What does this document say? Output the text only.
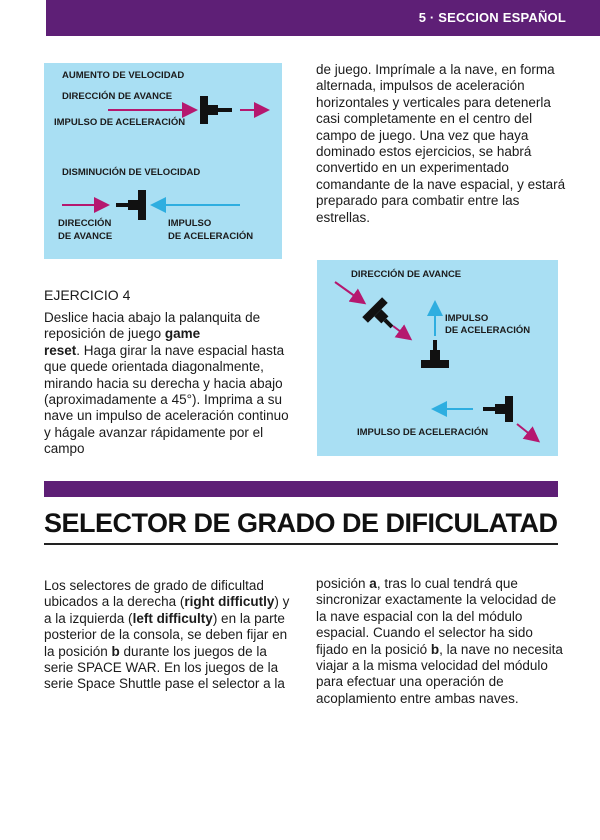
5 · SECCION ESPAÑOL
AUMENTO DE VELOCIDAD
DIRECCIÓN DE AVANCE
IMPULSO DE ACELERACIÓN
DISMINUCIÓN DE VELOCIDAD
DIRECCIÓN
DE AVANCE
IMPULSO
DE ACELERACIÓN
de juego. Imprímale a la nave, en forma alternada, impulsos de aceleración horizontales y verticales para detenerla casi completamente en el centro del campo de juego. Una vez que haya dominado estos ejercicios, se habrá convertido en un experimentado comandante de la nave espacial, y estará preparado para combatir entre las estrellas.
EJERCICIO 4
Deslice hacia abajo la palanquita de reposición de juego game
reset. Haga girar la nave espacial hasta que quede orientada diagonalmente, mirando hacia su derecha y hacia abajo (aproximadamente a 45°). Imprima a su nave un impulso de aceleración continuo y hágale avanzar rápidamente por el campo
DIRECCIÓN DE AVANCE
IMPULSO
DE ACELERACIÓN
IMPULSO DE ACELERACIÓN
SELECTOR DE GRADO DE DIFICULATAD
Los selectores de grado de dificultad ubicados a la derecha (right difficutly) y a la izquierda (left difficulty) en la parte posterior de la consola, se deben fijar en la posición b durante los juegos de la serie SPACE WAR. En los juegos de la serie Space Shuttle pase el selector a la
posición a, tras lo cual tendrá que sincronizar exactamente la velocidad de la nave espacial con la del módulo espacial. Cuando el selector ha sido fijado en la posició b, la nave no necesita viajar a la misma velocidad del módulo para efectuar una operación de acoplamiento entre ambas naves.
